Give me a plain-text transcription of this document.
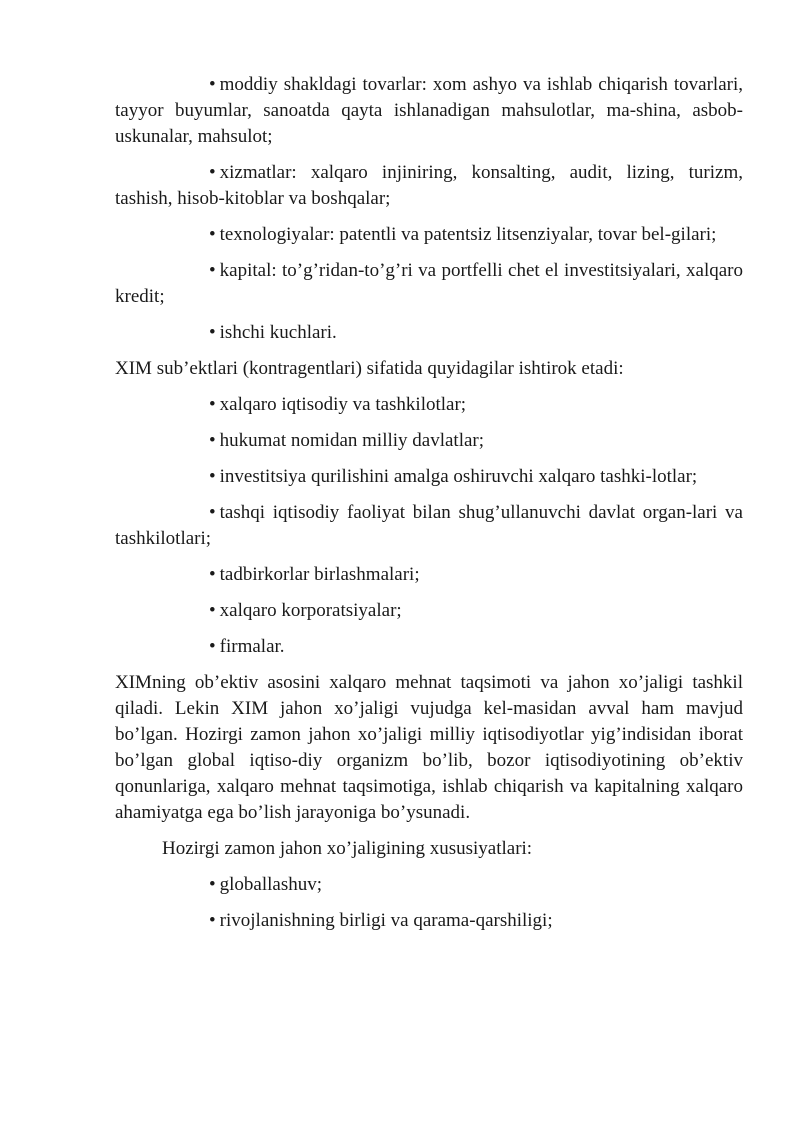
• moddiy shakldagi tovarlar: xom ashyo va ishlab chiqarish tovarlari, tayyor buyumlar, sanoatda qayta ishlanadigan mahsulotlar, ma-shina, asbob-uskunalar, mahsulot;

• xizmatlar: xalqaro injiniring, konsalting, audit, lizing, turizm, tashish, hisob-kitoblar va boshqalar;

• texnologiyalar: patentli va patentsiz litsenziyalar, tovar bel-gilari;

• kapital: to’g’ridan-to’g’ri va portfelli chet el investitsiyalari, xalqaro kredit;

• ishchi kuchlari.

XIM sub’ektlari (kontragentlari) sifatida quyidagilar ishtirok etadi:

• xalqaro iqtisodiy va tashkilotlar;

• hukumat nomidan milliy davlatlar;

• investitsiya qurilishini amalga oshiruvchi xalqaro tashki-lotlar;

• tashqi iqtisodiy faoliyat bilan shug’ullanuvchi davlat organ-lari va tashkilotlari;

• tadbirkorlar birlashmalari;

• xalqaro korporatsiyalar;

• firmalar.

XIMning ob’ektiv asosini xalqaro mehnat taqsimoti va jahon xo’jaligi tashkil qiladi. Lekin XIM jahon xo’jaligi vujudga kel-masidan avval ham mavjud bo’lgan. Hozirgi zamon jahon xo’jaligi milliy iqtisodiyotlar yig’indisidan iborat bo’lgan global iqtiso-diy organizm bo’lib, bozor iqtisodiyotining ob’ektiv qonunlariga, xalqaro mehnat taqsimotiga, ishlab chiqarish va kapitalning xalqaro ahamiyatga ega bo’lish jarayoniga bo’ysunadi.

Hozirgi zamon jahon xo’jaligining xususiyatlari:

• globallashuv;

• rivojlanishning birligi va qarama-qarshiligi;
